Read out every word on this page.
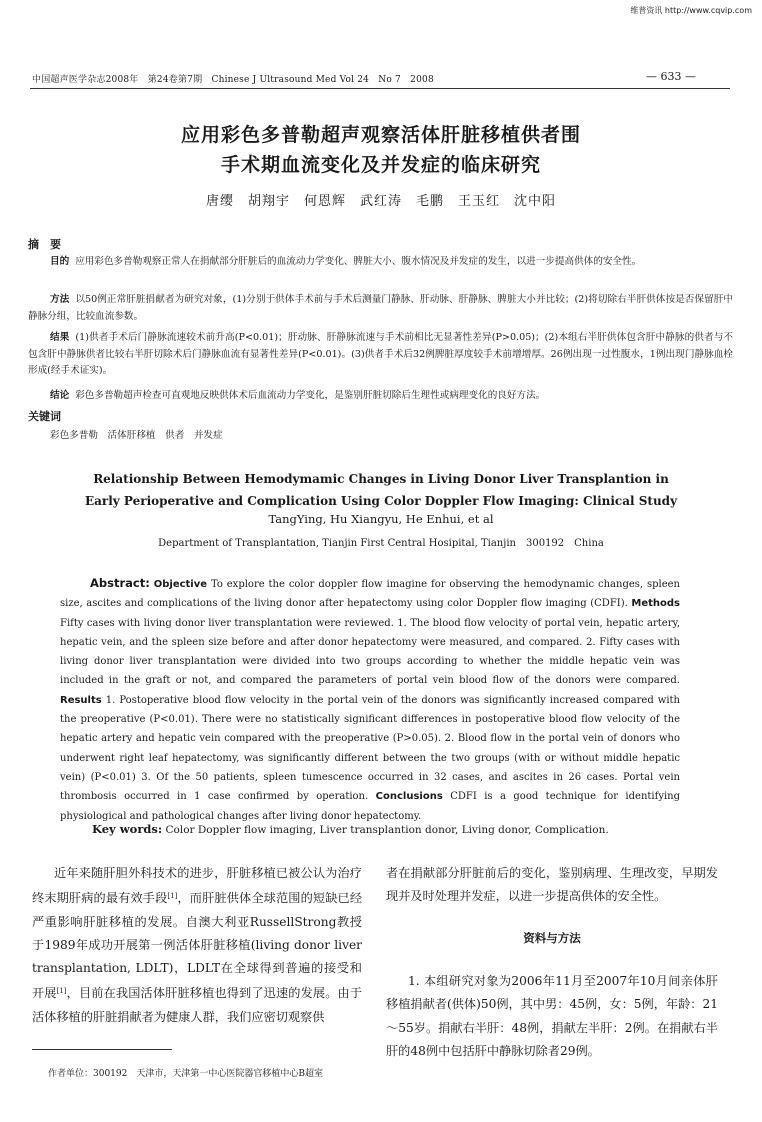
维普资讯 http://www.cqvip.com
中国超声医学杂志2008年　第24卷第7期　Chinese J Ultrasound Med Vol 24　No 7　2008	— 633 —
应用彩色多普勒超声观察活体肝脏移植供者围
手术期血流变化及并发症的临床研究
唐缨　胡翔宇　何恩辉　武红涛　毛鹏　王玉红　沈中阳
摘　要
目的 应用彩色多普勒观察正常人在捐献部分肝脏后的血流动力学变化、脾脏大小、腹水情况及并发症的发生，以进一步提高供体的安全性。
方法 以50例正常肝脏捐献者为研究对象，(1)分别于供体手术前与手术后测量门静脉、肝动脉、肝静脉、脾脏大小并比较；(2)将切除右半肝供体按是否保留肝中静脉分组，比较血流参数。
结果 (1)供者手术后门静脉流速较术前升高(P<0.01)；肝动脉、肝静脉流速与手术前相比无显著性差异(P>0.05)；(2)本组右半肝供体包含肝中静脉的供者与不包含肝中静脉供者比较右半肝切除术后门静脉血流有显著性差异(P<0.01)。(3)供者手术后32例脾脏厚度较手术前增增厚。26例出现一过性腹水，1例出现门静脉血栓形成(经手术证实)。
结论 彩色多普勒超声检查可直观地反映供体术后血流动力学变化，是鉴别肝脏切除后生理性或病理变化的良好方法。
关键词
彩色多普勒　活体肝移植　供者　并发症
Relationship Between Hemodymamic Changes in Living Donor Liver Transplantion in
Early Perioperative and Complication Using Color Doppler Flow Imaging: Clinical Study
TangYing, Hu Xiangyu, He Enhui, et al
Department of Transplantation, Tianjin First Central Hosipital, Tianjin　300192　China
Abstract: Objective To explore the color doppler flow imagine for observing the hemodynamic changes, spleen size, ascites and complications of the living donor after hepatectomy using color Doppler flow imaging (CDFI). Methods Fifty cases with living donor liver transplantation were reviewed. 1. The blood flow velocity of portal vein, hepatic artery, hepatic vein, and the spleen size before and after donor hepatectomy were measured, and compared. 2. Fifty cases with living donor liver transplantation were divided into two groups according to whether the middle hepatic vein was included in the graft or not, and compared the parameters of portal vein blood flow of the donors were compared. Results 1. Postoperative blood flow velocity in the portal vein of the donors was significantly increased compared with the preoperative (P<0.01). There were no statistically significant differences in postoperative blood flow velocity of the hepatic artery and hepatic vein compared with the preoperative (P>0.05). 2. Blood flow in the portal vein of donors who underwent right leaf hepatectomy, was significantly different between the two groups (with or without middle hepatic vein) (P<0.01) 3. Of the 50 patients, spleen tumescence occurred in 32 cases, and ascites in 26 cases. Portal vein thrombosis occurred in 1 case confirmed by operation. Conclusions CDFI is a good technique for identifying physiological and pathological changes after living donor hepatectomy.
Key words: Color Doppler flow imaging, Liver transplantion donor, Living donor, Complication.
近年来随肝胆外科技术的进步，肝脏移植已被公认为治疗终末期肝病的最有效手段[1]，而肝脏供体全球范围的短缺已经严重影响肝脏移植的发展。自澳大利亚RussellStrong教授于1989年成功开展第一例活体肝脏移植(living donor liver transplantation, LDLT)，LDLT在全球得到普遍的接受和开展[1]，目前在我国活体肝脏移植也得到了迅速的发展。由于活体移植的肝脏捐献者为健康人群，我们应密切观察供
者在捐献部分肝脏前后的变化，鉴别病理、生理改变，早期发现并及时处理并发症，以进一步提高供体的安全性。
资料与方法
1. 本组研究对象为2006年11月至2007年10月间亲体肝移植捐献者(供体)50例，其中男：45例，女：5例，年龄：21～55岁。捐献右半肝：48例，捐献左半肝：2例。在捐献右半肝的48例中包括肝中静脉切除者29例。
作者单位：300192　天津市，天津第一中心医院器官移植中心B超室
